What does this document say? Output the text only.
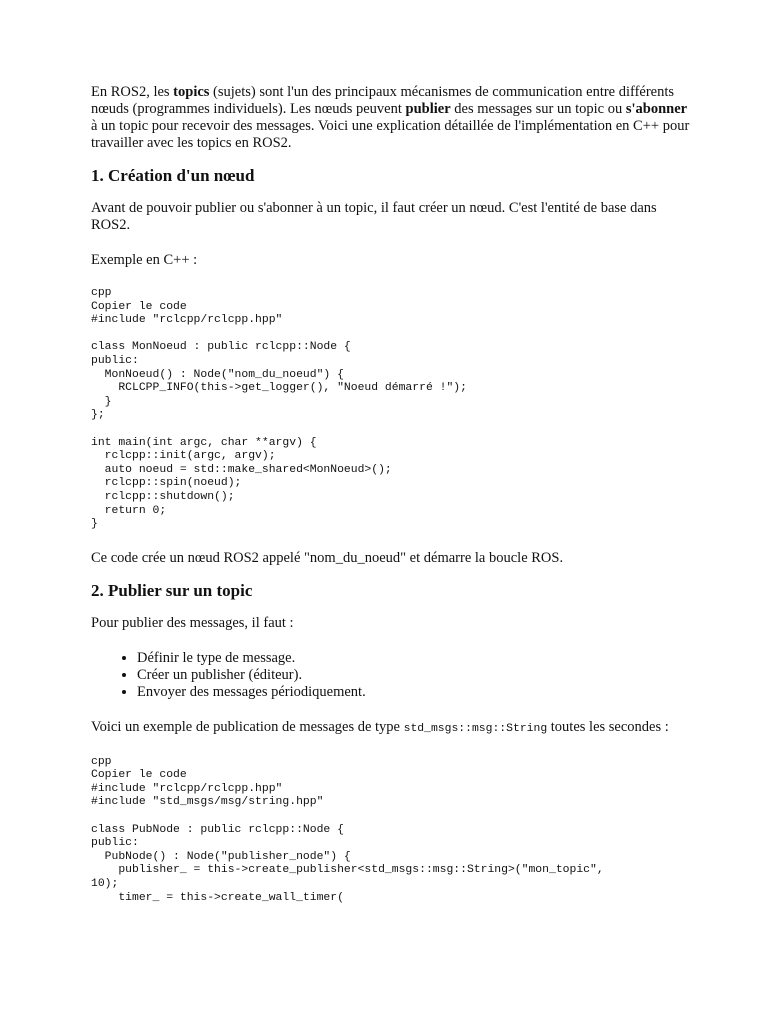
En ROS2, les topics (sujets) sont l'un des principaux mécanismes de communication entre différents nœuds (programmes individuels). Les nœuds peuvent publier des messages sur un topic ou s'abonner à un topic pour recevoir des messages. Voici une explication détaillée de l'implémentation en C++ pour travailler avec les topics en ROS2.

1. Création d'un nœud

Avant de pouvoir publier ou s'abonner à un topic, il faut créer un nœud. C'est l'entité de base dans ROS2.

Exemple en C++ :

cpp
Copier le code
#include "rclcpp/rclcpp.hpp"

class MonNoeud : public rclcpp::Node {
public:
MonNoeud() : Node("nom_du_noeud") {
RCLCPP_INFO(this->get_logger(), "Noeud démarré !");
}
};

int main(int argc, char **argv) {
rclcpp::init(argc, argv);
auto noeud = std::make_shared<MonNoeud>();
rclcpp::spin(noeud);
rclcpp::shutdown();
return 0;
}

Ce code crée un nœud ROS2 appelé "nom_du_noeud" et démarre la boucle ROS.

2. Publier sur un topic

Pour publier des messages, il faut :

• Définir le type de message.
• Créer un publisher (éditeur).
• Envoyer des messages périodiquement.

Voici un exemple de publication de messages de type std_msgs::msg::String toutes les secondes :

cpp
Copier le code
#include "rclcpp/rclcpp.hpp"
#include "std_msgs/msg/string.hpp"

class PubNode : public rclcpp::Node {
public:
PubNode() : Node("publisher_node") {
publisher_ = this->create_publisher<std_msgs::msg::String>("mon_topic",
10);
timer_ = this->create_wall_timer(
